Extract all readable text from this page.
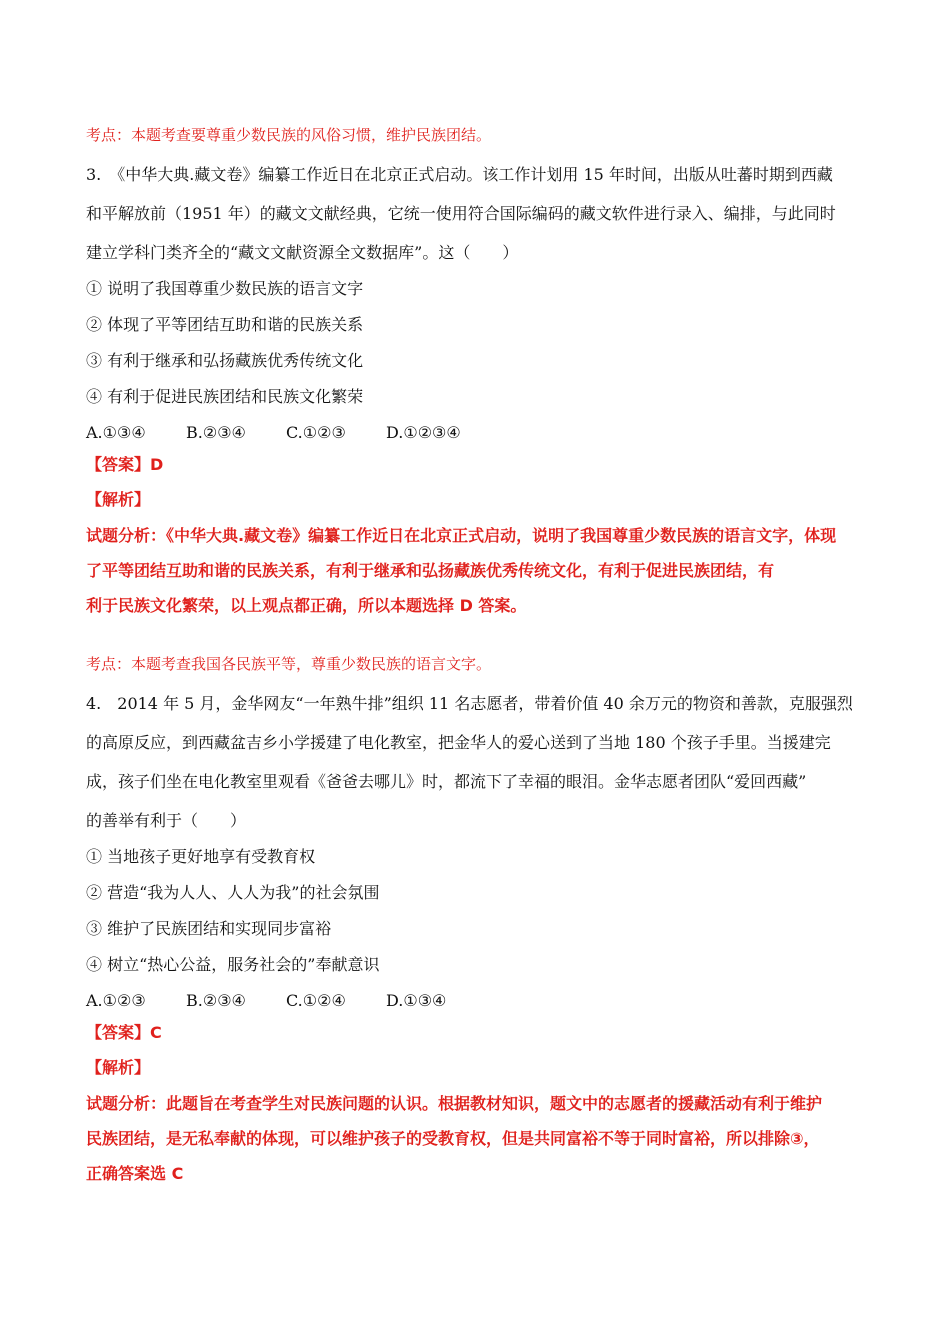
考点：本题考查要尊重少数民族的风俗习惯，维护民族团结。
3.　《中华大典.藏文卷》编纂工作近日在北京正式启动。该工作计划用 15 年时间，出版从吐蕃时期到西藏
和平解放前（1951 年）的藏文文献经典，它统一使用符合国际编码的藏文软件进行录入、编排，与此同时
建立学科门类齐全的“藏文文献资源全文数据库”。这（　　）
① 说明了我国尊重少数民族的语言文字
② 体现了平等团结互助和谐的民族关系
③ 有利于继承和弘扬藏族优秀传统文化
④ 有利于促进民族团结和民族文化繁荣
A.①③④	B.②③④	C.①②③	D.①②③④
【答案】D
【解析】
试题分析：《中华大典.藏文卷》编纂工作近日在北京正式启动，说明了我国尊重少数民族的语言文字，体现
了平等团结互助和谐的民族关系，有利于继承和弘扬藏族优秀传统文化，有利于促进民族团结，有
利于民族文化繁荣，以上观点都正确，所以本题选择 D 答案。
考点：本题考查我国各民族平等，尊重少数民族的语言文字。
4.　2014 年 5 月，金华网友“一年熟牛排”组织 11 名志愿者，带着价值 40 余万元的物资和善款，克服强烈
的高原反应，到西藏盆吉乡小学援建了电化教室，把金华人的爱心送到了当地 180 个孩子手里。当援建完
成，孩子们坐在电化教室里观看《爸爸去哪儿》时，都流下了幸福的眼泪。金华志愿者团队“爱回西藏”
的善举有利于（　　）
① 当地孩子更好地享有受教育权
② 营造“我为人人、人人为我”的社会氛围
③ 维护了民族团结和实现同步富裕
④ 树立“热心公益，服务社会的”奉献意识
A.①②③	B.②③④	C.①②④	D.①③④
【答案】C
【解析】
试题分析：此题旨在考查学生对民族问题的认识。根据教材知识，题文中的志愿者的援藏活动有利于维护
民族团结，是无私奉献的体现，可以维护孩子的受教育权，但是共同富裕不等于同时富裕，所以排除③，
正确答案选 C
